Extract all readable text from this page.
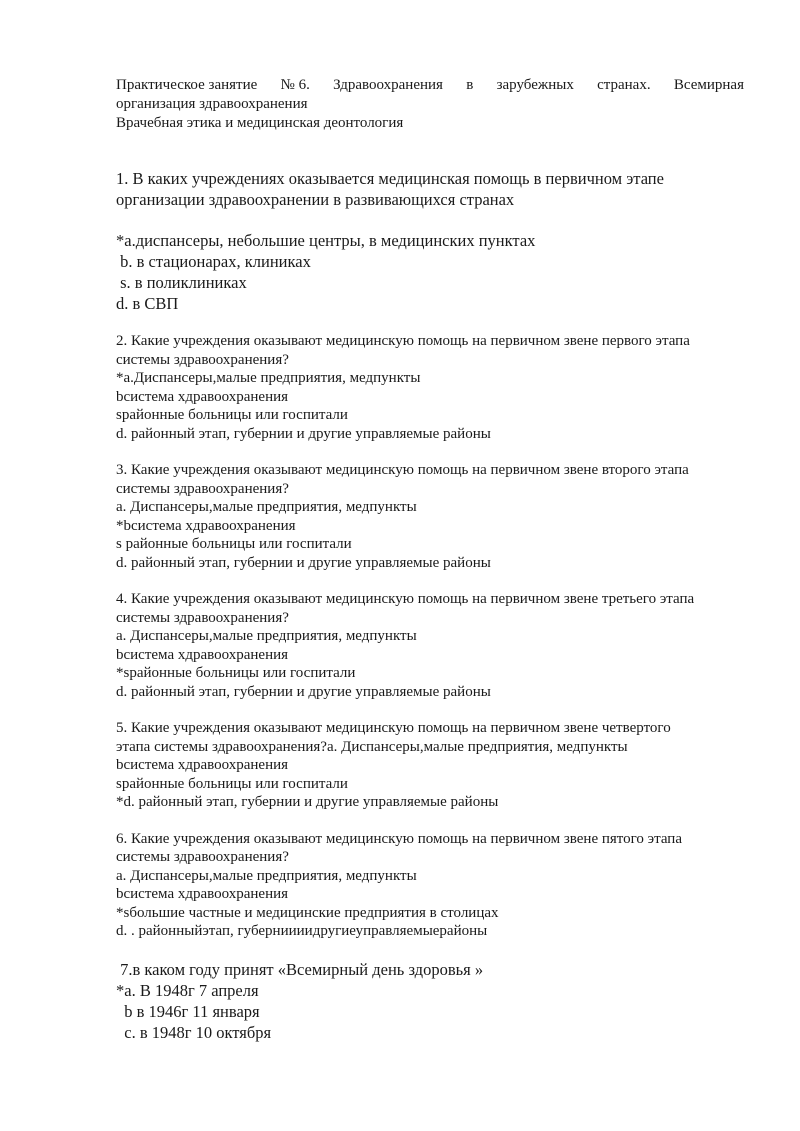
Практическое занятие № 6. Здравоохранения в зарубежных странах. Всемирная
организация здравоохранения
Врачебная этика и медицинская деонтология
1. В каких учреждениях оказывается медицинская помощь в первичном этапе
организации здравоохранении в развивающихся странах
*а.диспансеры, небольшие центры, в медицинских пунктах
b. в стационарах, клиниках
s. в поликлиниках
d. в СВП
2. Какие учреждения оказывают медицинскую помощь на первичном звене первого этапа
системы здравоохранения?
*а.Диспансеры,малые предприятия, медпункты
bсистема хдравоохранения
sрайонные больницы или госпитали
d. районный этап, губернии и другие управляемые районы
3. Какие учреждения оказывают медицинскую помощь на первичном звене второго этапа
системы здравоохранения?
а. Диспансеры,малые предприятия, медпункты
*bсистема хдравоохранения
s районные больницы или госпитали
d. районный этап, губернии и другие управляемые районы
4. Какие учреждения оказывают медицинскую помощь на первичном звене третьего этапа
системы здравоохранения?
а. Диспансеры,малые предприятия, медпункты
bсистема хдравоохранения
*sрайонные больницы или госпитали
d. районный этап, губернии и другие управляемые районы
5. Какие учреждения оказывают медицинскую помощь на первичном звене четвертого
этапа системы здравоохранения?а. Диспансеры,малые предприятия, медпункты
bсистема хдравоохранения
sрайонные больницы или госпитали
*d. районный этап, губернии и другие управляемые районы
6. Какие учреждения оказывают медицинскую помощь на первичном звене пятого этапа
системы здравоохранения?
а. Диспансеры,малые предприятия, медпункты
bсистема хдравоохранения
*sбольшие частные и медицинские предприятия в столицах
d. . районныйэтап, губерниииидругиеуправляемыерайоны
7.в каком году принят «Всемирный день здоровья »
*а. В 1948г 7 апреля
b в 1946г 11 января
с. в 1948г 10 октября
